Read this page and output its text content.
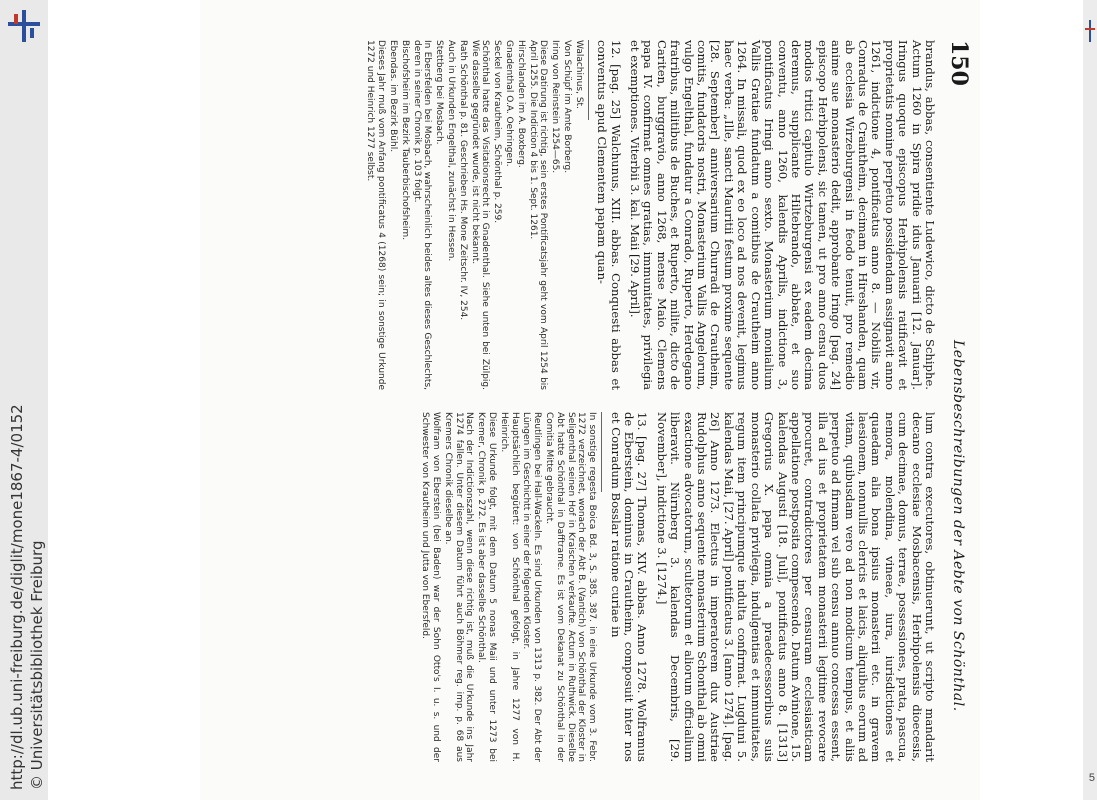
http://dl.ub.uni-freiburg.de/diglit/mone1867-4/0152 © Universitätsbibliothek Freiburg	5
150
Lebensbeschreibungen der Aebte von Schönthal.

brandus, abbas, consentiente Ludewico, dicto de Schiphe. Actum 1260 in Spira pridie idus Januarii [12. Januar]. Iringus quoque episcopus Herbipolensis ratificavit et proprietatis nomine perpetuo possidendam assignavit anno 1261, indictione 4, pontificatus anno 8. — Nobilis vir, Conradus de Craintheim, decimam in Hireshanden, quam ab ecclesia Wirzeburgensi in feodo tenuit, pro remedio anime sue monasterio dedit, approbante Iringo [pag. 24] episcopo Herbipolensi, sic tamen, ut pro anno censu duos modios tritici capitulo Wirtzeburgensi ex eadem decima deremus, supplicante Hiltebrando, abbate, et suo conventu, anno 1260, kalendis Aprilis, indictione 3, pontificatus Iringi anno sexto. Monasterium monialium Vallis Gratiae fundatum a comitibus de Crautheim anno 1264. In missali, quod ex eo loco ad nos devenit, legimus haec verba: „Ille, sancti Mauritii festum proxime sequente [28. September] anniversarium Churradi de Crautheim, comitis, fundatoris nostri, Monasterium Vallis Angelorum, vulgo Engelthal, fundatur a Conrado, Ruperto, Herdegano fratribus, militibus de Buches, et Ruperto, milite, dicto de Cariten, burggravio, anno 1268, mense Maio. Clemens papa IV. confirmat omnes gratias, immunitates, privilegia et exemptiones. Viterbii 3. kal. Maii [29. April].

12. [pag. 25] Walchunus, XIII. abbas. Conquesti abbas et conventus apud Clementem papam quan-

Walachinus, St.

Von Schüpf im Amte Borberg.

Iring von Reinstein 1254—65.

Diese Datirung ist richtig, sein erstes Pontificatsjahr geht vom April 1254 bis April 1255. Die Indiction 4 bis 1. Sept. 1261.

Hirschlanden im A. Boxberg.

Gnadenthal O.A. Oehringen.

Seckel von Krautheim, Schönthal p. 259.

Schönthal hatte das Visitationsrecht in Gnadenthal. Siehe unten bei Zülpig. Wie dasselbe gegründet wurde, ist nicht bekannt.

Rath Schönthal p. 81. Geschrieben Hs. Mone Zeitschr. IV, 254.

Auch in Urkunden Engelthal, zunächst in Hessen.

Stettberg bei Mosbach.

In Ebersfelden bei Mosbach, wahrscheinlich beides altes dieses Geschlechts, deren in seiner Chronik p. 103 folgt.

Bischofsheim im Bezirk Tauberbischofsheim.

Ebendas. im Bezirk Bühl.

Dieses Jahr muß vom Anfang pontificatus 4 (1268) sein; in sonstige Urkunde 1272 und Heinrich 1277 selbst.

lum contra executores, obtinuerunt, ut scripto mandarit decano ecclesiae Mosbacensis, Herbipolensis dioecesis, cum decimae, domus, terrae, possessiones, prata, pascua, nemora, molendina, vineae, iura, iurisdictiones et quaedam alia bona ipsius monasterii etc. in gravem laesionem, nonnullis clericis et laicis, aliquibus eorum ad vitam, quibusdam vero ad non modicum tempus, et aliis perpetuo ad firmam vel sub censu annuo concessa essent, illa ad ius et proprietatem monasterii legitime revocare procuret, contradictores per censuram ecclesiasticam appellatione postposita compescendo. Datum Avinione, 15. kalendas Augusti [18. Juli], pontificatus anno 8. [1313] Gregorius X. papa omnia a praedecessoribus suis monasterio collata privilegia, indulgentias et immunitates, regum item principumque indulta confirmat. Lugduni 5. kalendas Maii, [27. April] pontificatus 3. [anno 1274]. [pag. 26] Anno 1273. Electus in imperatorem dux Austriae Rudolphus anno sequente monasterium Schonthal ab omni exactione advocatorum, scultetorum et aliorum officialium liberavit. Nürnberg 3. kalendas Decembris, [29. November], indictione 3. [1274.]

13. [pag. 27] Thomas, XIV. abbas. Anno 1278. Wolframus de Eberstein, dominus in Crautheim, composuit inter nos et Conradum Bosslar ratione curiae in

In sonstige regesta Boica Bd. 3, S. 385. 387. in eine Urkunde vom 3. Febr. 1272 verzeichnet, wonach der Abt B. (Vantich) von Schönthal der Kloster in Seligenthal seinen Hof in Kraischen verkaufte. Actum in Ruthwick. Dieselbe Abt hatte Schönthal in Dafftrame. Es ist vom Dekanat zu Schönthal in der Comitia Mitte gebraucht.

Reutlingen bei Hall-Wackeln. Es sind Urkunden von 1313 p. 382. Der Abt der Lüngen im Geschichtt in einer der folgenden Kloster.

Hauptsächlich begütert: von Schönthal gefolgt, in Jahre 1277 von H. Heinrich.

Diese Urkunde folgt, mit dem Datum 5 nonas Maii und unter 1273 bei Kremer, Chronik p. 272. Es ist aber dasselbe Schönthal.

Nach der Indictionszahl, wenn diese richtig ist, muß die Urkunde ins Jahr 1274 fallen. Unter diesem Datum führt auch Böhmer reg. imp. p. 68 aus Kremers Chronik dieselbe an.

Wolfram von Eberstein (bei Baden) war der Sohn Otto's I. u. s. und der Schwester von Krautheim und Jutta von Ebersfeld.
